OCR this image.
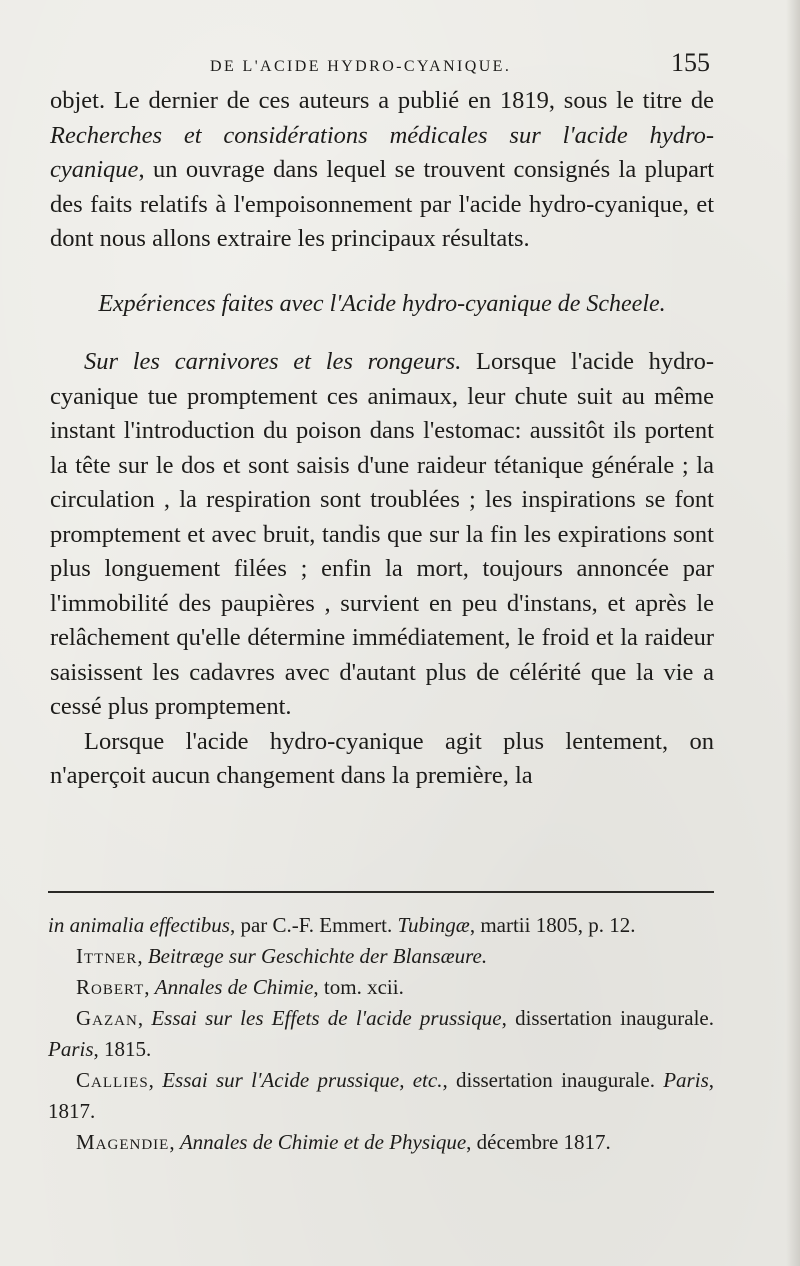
DE L'ACIDE HYDRO-CYANIQUE.	155

objet. Le dernier de ces auteurs a publié en 1819, sous le titre de Recherches et considérations médicales sur l'acide hydro-cyanique, un ouvrage dans lequel se trouvent consignés la plupart des faits relatifs à l'empoisonnement par l'acide hydro-cyanique, et dont nous allons extraire les principaux résultats.

Expériences faites avec l'Acide hydro-cyanique de Scheele.

Sur les carnivores et les rongeurs. Lorsque l'acide hydro-cyanique tue promptement ces animaux, leur chute suit au même instant l'introduction du poison dans l'estomac: aussitôt ils portent la tête sur le dos et sont saisis d'une raideur tétanique générale ; la circulation , la respiration sont troublées ; les inspirations se font promptement et avec bruit, tandis que sur la fin les expirations sont plus longuement filées ; enfin la mort, toujours annoncée par l'immobilité des paupières , survient en peu d'instans, et après le relâchement qu'elle détermine immédiatement, le froid et la raideur saisissent les cadavres avec d'autant plus de célérité que la vie a cessé plus promptement.

Lorsque l'acide hydro-cyanique agit plus lentement, on n'aperçoit aucun changement dans la première, la

in animalia effectibus, par C.-F. Emmert. Tubingæ, martii 1805, p. 12.

Ittner, Beitræge sur Geschichte der Blansæure.

Robert, Annales de Chimie, tom. xcii.

Gazan, Essai sur les Effets de l'acide prussique, dissertation inaugurale. Paris, 1815.

Callies, Essai sur l'Acide prussique, etc., dissertation inaugurale. Paris, 1817.

Magendie, Annales de Chimie et de Physique, décembre 1817.
